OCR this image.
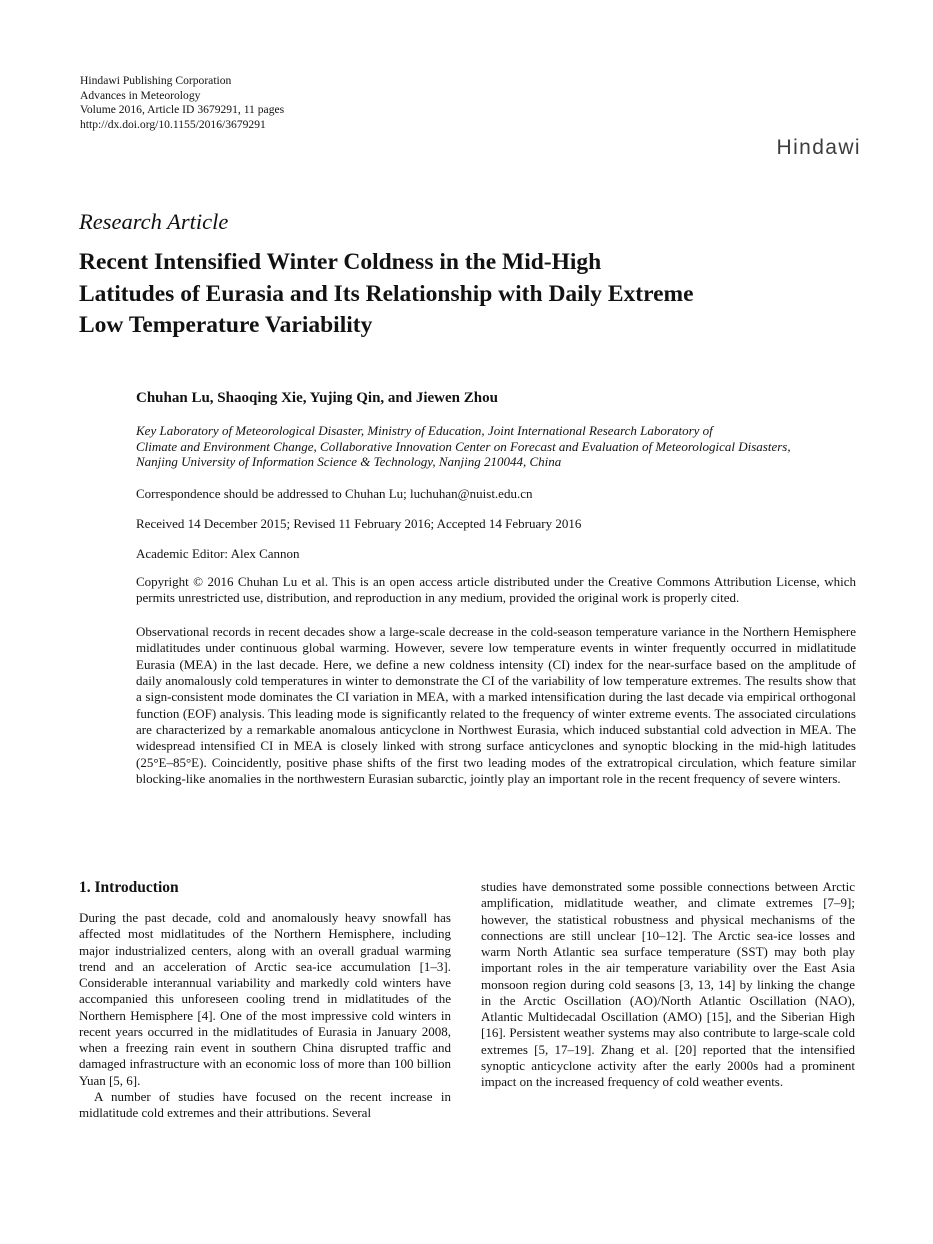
Hindawi Publishing Corporation
Advances in Meteorology
Volume 2016, Article ID 3679291, 11 pages
http://dx.doi.org/10.1155/2016/3679291
Hindawi
Research Article
Recent Intensified Winter Coldness in the Mid-High
Latitudes of Eurasia and Its Relationship with Daily Extreme
Low Temperature Variability
Chuhan Lu, Shaoqing Xie, Yujing Qin, and Jiewen Zhou
Key Laboratory of Meteorological Disaster, Ministry of Education, Joint International Research Laboratory of
Climate and Environment Change, Collaborative Innovation Center on Forecast and Evaluation of Meteorological Disasters,
Nanjing University of Information Science & Technology, Nanjing 210044, China
Correspondence should be addressed to Chuhan Lu; luchuhan@nuist.edu.cn
Received 14 December 2015; Revised 11 February 2016; Accepted 14 February 2016
Academic Editor: Alex Cannon
Copyright © 2016 Chuhan Lu et al. This is an open access article distributed under the Creative Commons Attribution License, which permits unrestricted use, distribution, and reproduction in any medium, provided the original work is properly cited.
Observational records in recent decades show a large-scale decrease in the cold-season temperature variance in the Northern Hemisphere midlatitudes under continuous global warming. However, severe low temperature events in winter frequently occurred in midlatitude Eurasia (MEA) in the last decade. Here, we define a new coldness intensity (CI) index for the near-surface based on the amplitude of daily anomalously cold temperatures in winter to demonstrate the CI of the variability of low temperature extremes. The results show that a sign-consistent mode dominates the CI variation in MEA, with a marked intensification during the last decade via empirical orthogonal function (EOF) analysis. This leading mode is significantly related to the frequency of winter extreme events. The associated circulations are characterized by a remarkable anomalous anticyclone in Northwest Eurasia, which induced substantial cold advection in MEA. The widespread intensified CI in MEA is closely linked with strong surface anticyclones and synoptic blocking in the mid-high latitudes (25°E–85°E). Coincidently, positive phase shifts of the first two leading modes of the extratropical circulation, which feature similar blocking-like anomalies in the northwestern Eurasian subarctic, jointly play an important role in the recent frequency of severe winters.
1. Introduction

During the past decade, cold and anomalously heavy snowfall has affected most midlatitudes of the Northern Hemisphere, including major industrialized centers, along with an overall gradual warming trend and an acceleration of Arctic sea-ice accumulation [1–3]. Considerable interannual variability and markedly cold winters have accompanied this unforeseen cooling trend in midlatitudes of the Northern Hemisphere [4]. One of the most impressive cold winters in recent years occurred in the midlatitudes of Eurasia in January 2008, when a freezing rain event in southern China disrupted traffic and damaged infrastructure with an economic loss of more than 100 billion Yuan [5, 6].

A number of studies have focused on the recent increase in midlatitude cold extremes and their attributions. Several

studies have demonstrated some possible connections between Arctic amplification, midlatitude weather, and climate extremes [7–9]; however, the statistical robustness and physical mechanisms of the connections are still unclear [10–12]. The Arctic sea-ice losses and warm North Atlantic sea surface temperature (SST) may both play important roles in the air temperature variability over the East Asia monsoon region during cold seasons [3, 13, 14] by linking the change in the Arctic Oscillation (AO)/North Atlantic Oscillation (NAO), Atlantic Multidecadal Oscillation (AMO) [15], and the Siberian High [16]. Persistent weather systems may also contribute to large-scale cold extremes [5, 17–19]. Zhang et al. [20] reported that the intensified synoptic anticyclone activity after the early 2000s had a prominent impact on the increased frequency of cold weather events.
